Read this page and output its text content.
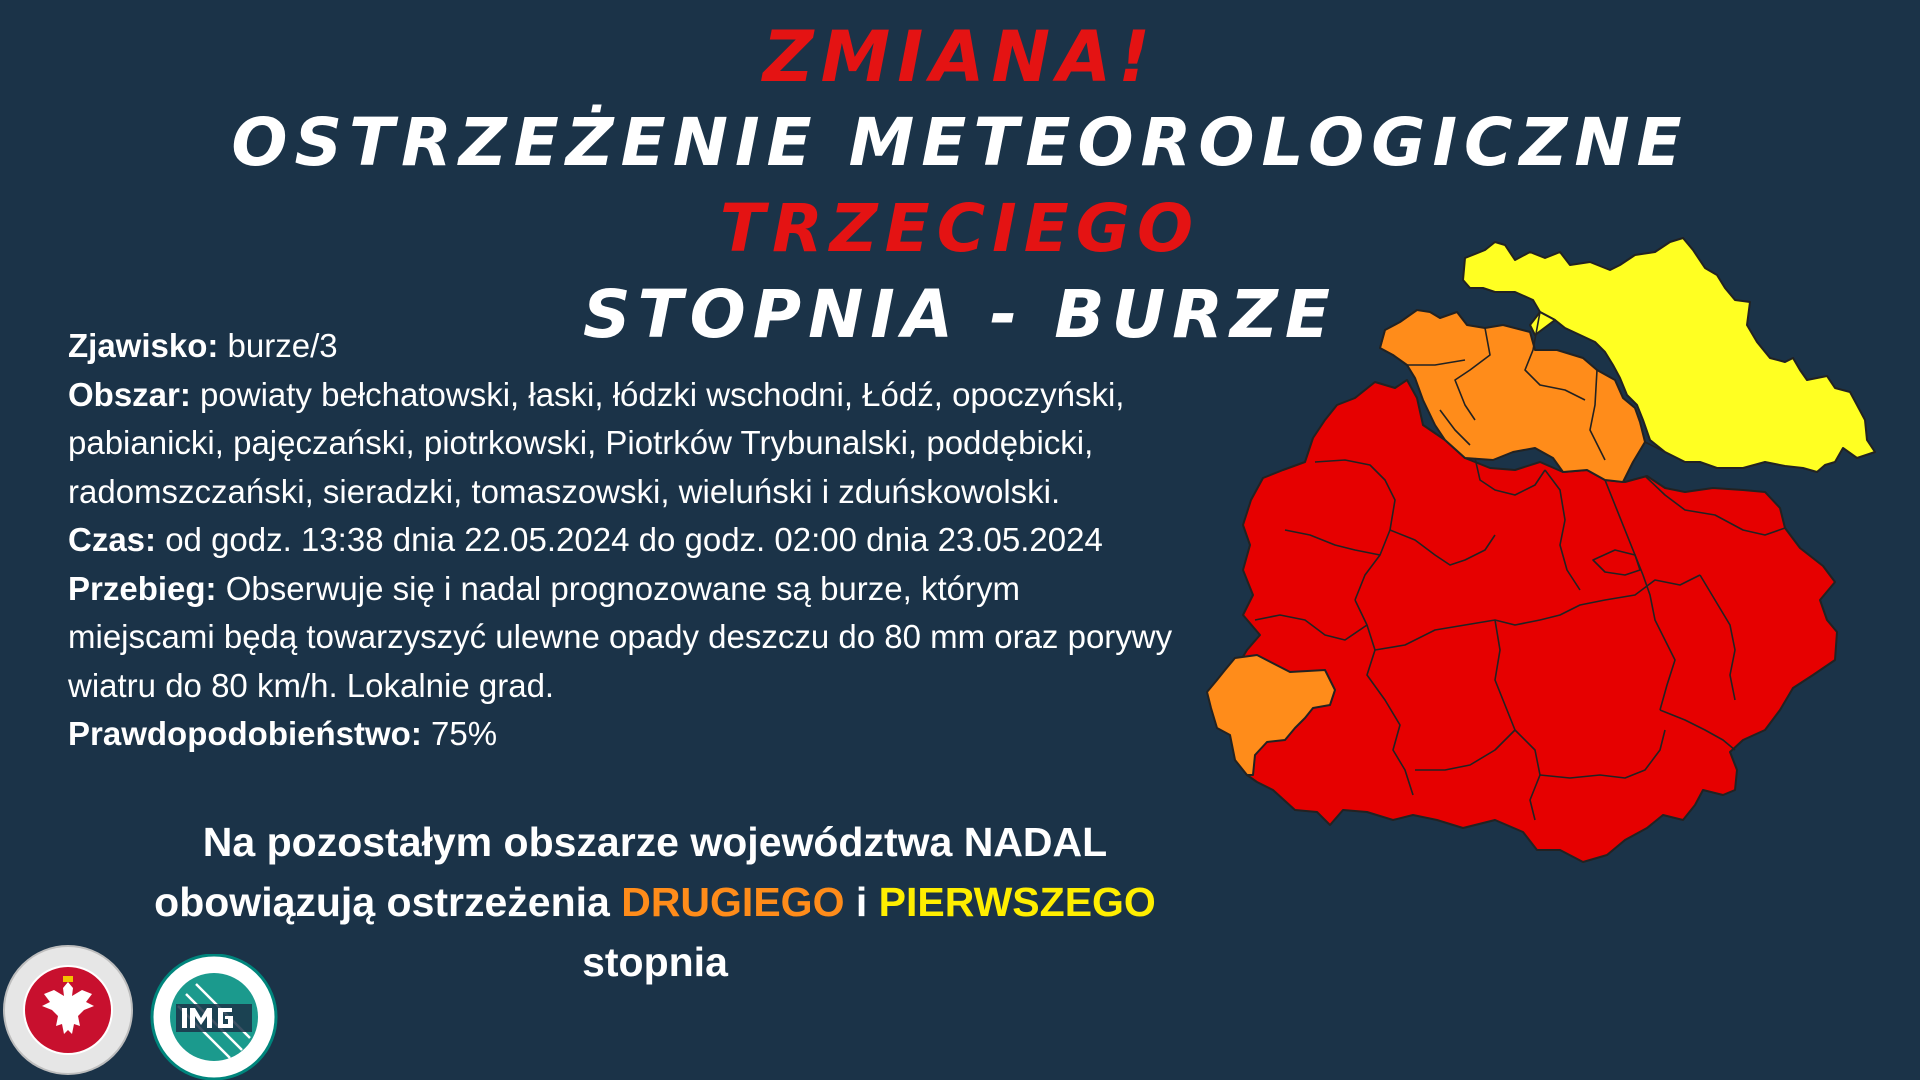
ZMIANA!
OSTRZEŻENIE METEOROLOGICZNE TRZECIEGO
STOPNIA - BURZE

Zjawisko: burze/3

Obszar: powiaty bełchatowski, łaski, łódzki wschodni, Łódź, opoczyński,

pabianicki, pajęczański, piotrkowski, Piotrków Trybunalski, poddębicki,

radomszczański, sieradzki, tomaszowski, wieluński i zduńskowolski.

Czas: od godz. 13:38 dnia 22.05.2024 do godz. 02:00 dnia 23.05.2024

Przebieg: Obserwuje się i nadal prognozowane są burze, którym

miejscami będą towarzyszyć ulewne opady deszczu do 80 mm oraz porywy

wiatru do 80 km/h. Lokalnie grad.

Prawdopodobieństwo: 75%

Na pozostałym obszarze województwa NADAL
obowiązują ostrzeżenia DRUGIEGO i PIERWSZEGO
stopnia
